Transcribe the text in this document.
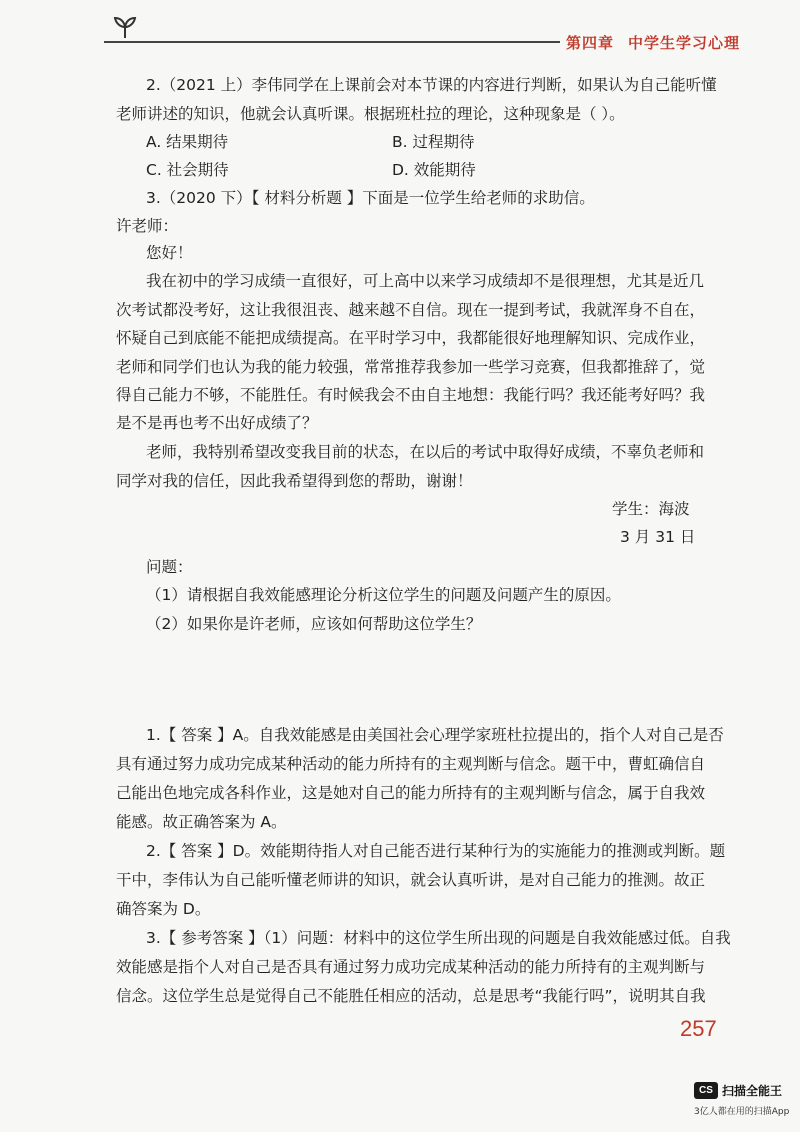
第四章 中学生学习心理
2.（2021 上）李伟同学在上课前会对本节课的内容进行判断，如果认为自己能听懂
老师讲述的知识，他就会认真听课。根据班杜拉的理论，这种现象是（ ）。
A. 结果期待	B. 过程期待
C. 社会期待	D. 效能期待
3.（2020 下）【 材料分析题 】下面是一位学生给老师的求助信。
许老师：
您好！
我在初中的学习成绩一直很好，可上高中以来学习成绩却不是很理想，尤其是近几
次考试都没考好，这让我很沮丧、越来越不自信。现在一提到考试，我就浑身不自在，
怀疑自己到底能不能把成绩提高。在平时学习中，我都能很好地理解知识、完成作业，
老师和同学们也认为我的能力较强，常常推荐我参加一些学习竞赛，但我都推辞了，觉
得自己能力不够，不能胜任。有时候我会不由自主地想：我能行吗？我还能考好吗？我
是不是再也考不出好成绩了？
老师，我特别希望改变我目前的状态，在以后的考试中取得好成绩，不辜负老师和
同学对我的信任，因此我希望得到您的帮助，谢谢！
学生：海波
3 月 31 日
问题：
（1）请根据自我效能感理论分析这位学生的问题及问题产生的原因。
（2）如果你是许老师，应该如何帮助这位学生？
1.【 答案 】A。自我效能感是由美国社会心理学家班杜拉提出的，指个人对自己是否
具有通过努力成功完成某种活动的能力所持有的主观判断与信念。题干中，曹虹确信自
己能出色地完成各科作业，这是她对自己的能力所持有的主观判断与信念，属于自我效
能感。故正确答案为 A。
2.【 答案 】D。效能期待指人对自己能否进行某种行为的实施能力的推测或判断。题
干中，李伟认为自己能听懂老师讲的知识，就会认真听讲，是对自己能力的推测。故正
确答案为 D。
3.【 参考答案 】（1）问题：材料中的这位学生所出现的问题是自我效能感过低。自我
效能感是指个人对自己是否具有通过努力成功完成某种活动的能力所持有的主观判断与
信念。这位学生总是觉得自己不能胜任相应的活动，总是思考“我能行吗”，说明其自我
257
CS 扫描全能王
3亿人都在用的扫描App
